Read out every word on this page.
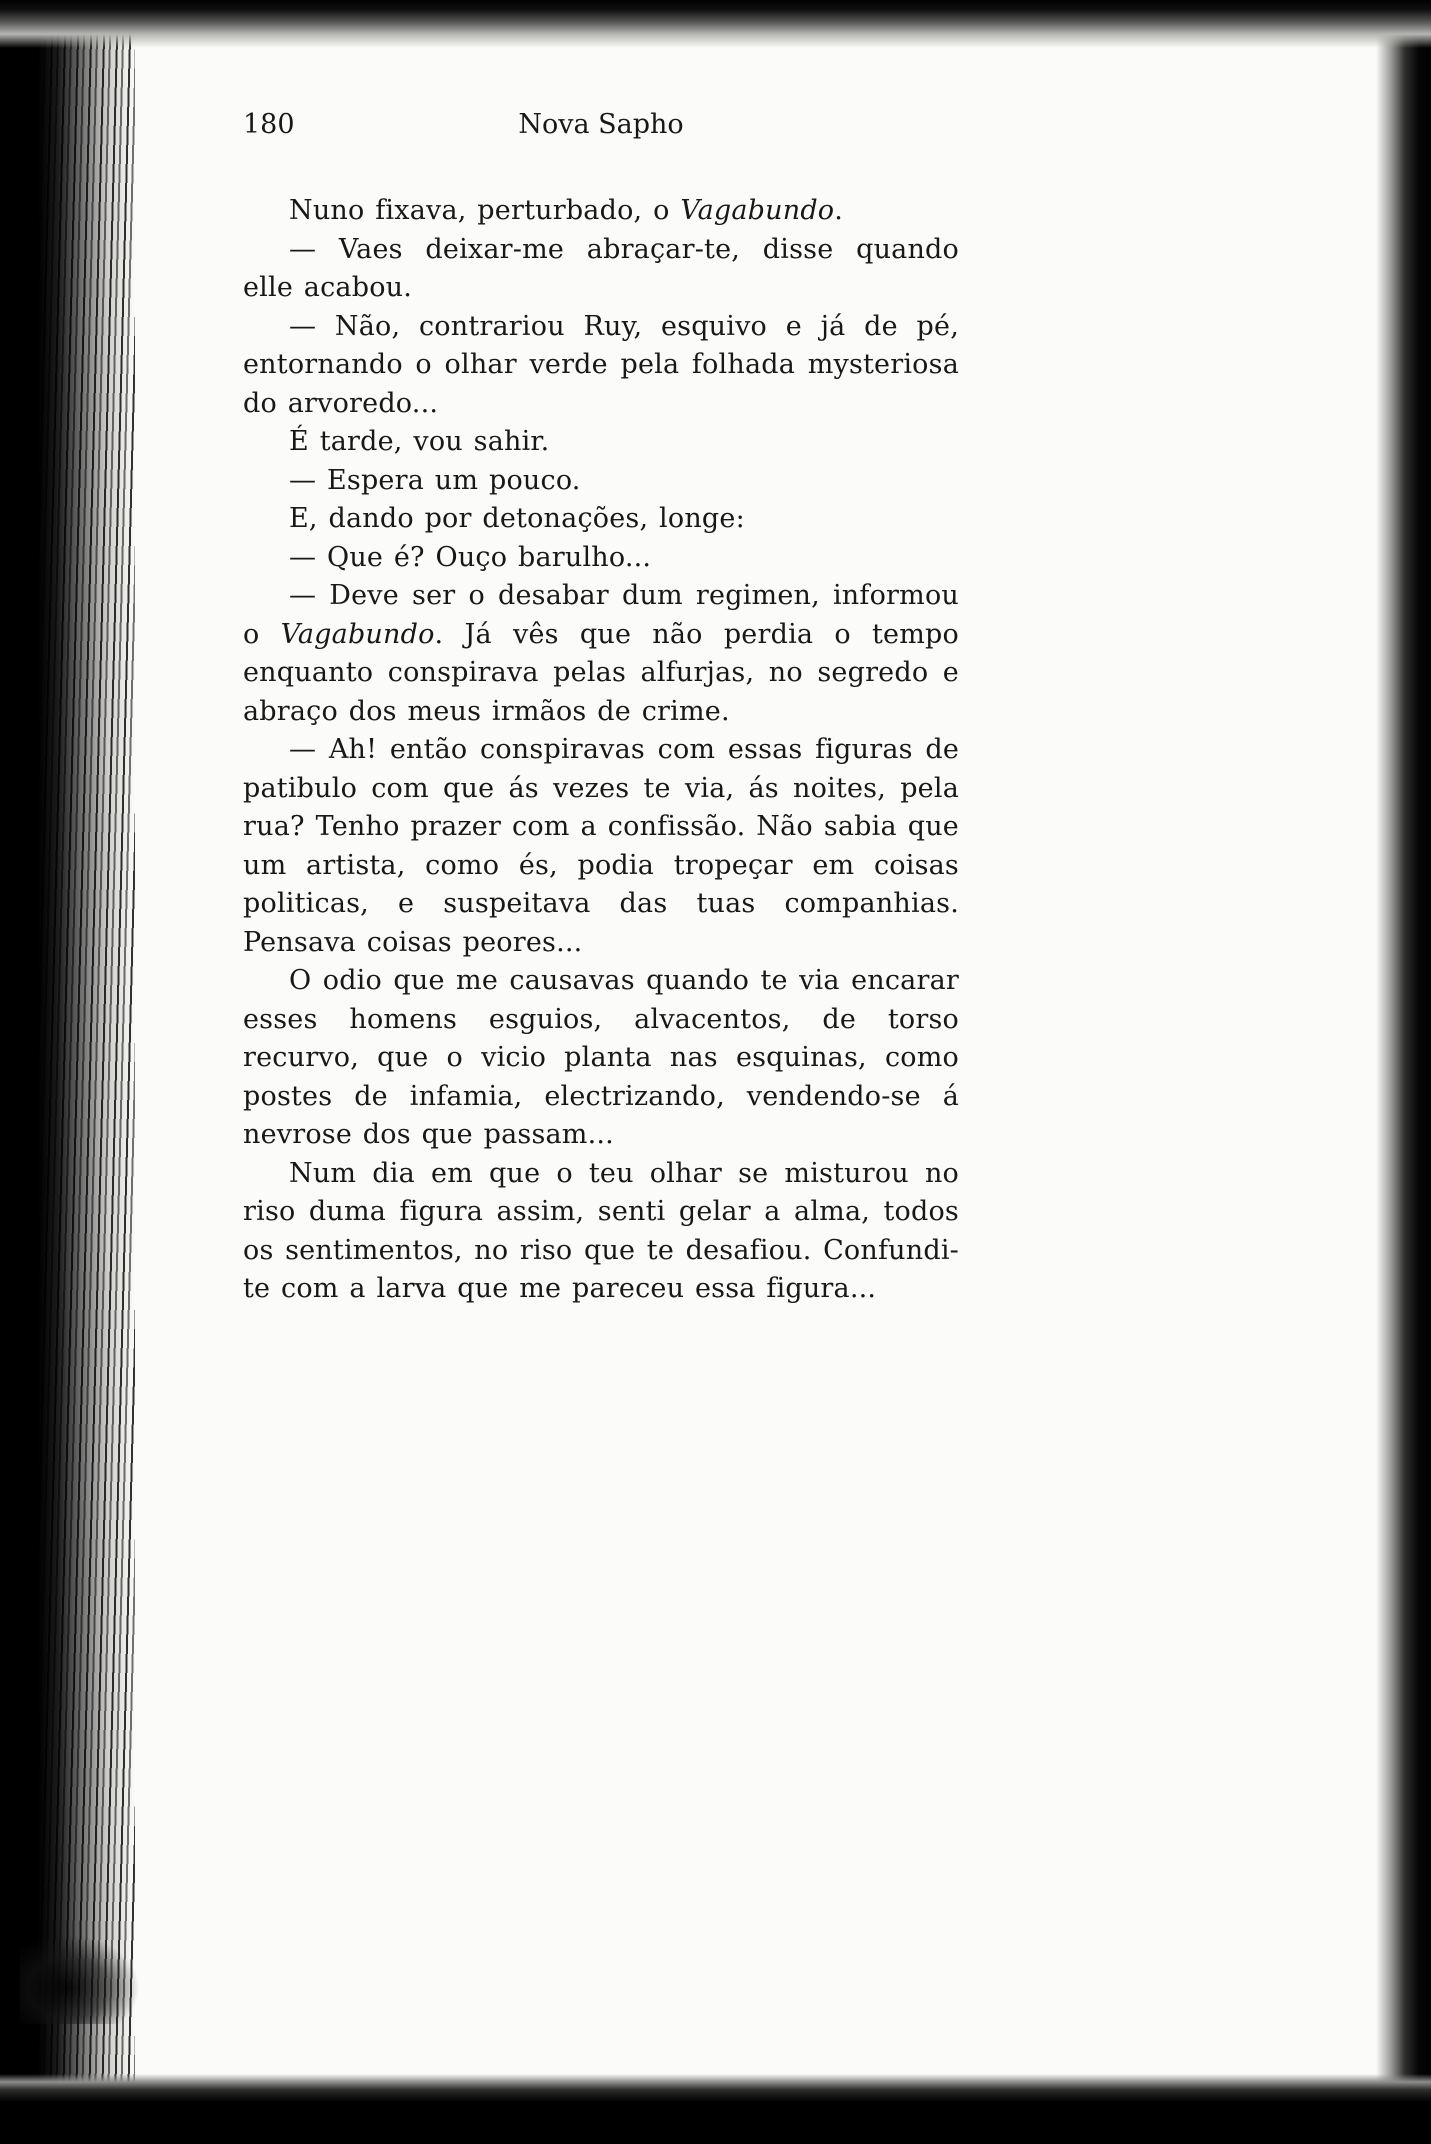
180	Nova Sapho

Nuno fixava, perturbado, o Vagabundo.

— Vaes deixar-me abraçar-te, disse quando elle acabou.

— Não, contrariou Ruy, esquivo e já de pé, entornando o olhar verde pela folhada mysteriosa do arvoredo...

É tarde, vou sahir.

— Espera um pouco.

E, dando por detonações, longe:

— Que é? Ouço barulho...

— Deve ser o desabar dum regimen, informou o Vagabundo. Já vês que não perdia o tempo enquanto conspirava pelas alfurjas, no segredo e abraço dos meus irmãos de crime.

— Ah! então conspiravas com essas figuras de patibulo com que ás vezes te via, ás noites, pela rua? Tenho prazer com a confissão. Não sabia que um artista, como és, podia tropeçar em coisas politicas, e suspeitava das tuas companhias. Pensava coisas peores...

O odio que me causavas quando te via encarar esses homens esguios, alvacentos, de torso recurvo, que o vicio planta nas esquinas, como postes de infamia, electrizando, vendendo-se á nevrose dos que passam...

Num dia em que o teu olhar se misturou no riso duma figura assim, senti gelar a alma, todos os sentimentos, no riso que te desafiou. Confundi-te com a larva que me pareceu essa figura...
